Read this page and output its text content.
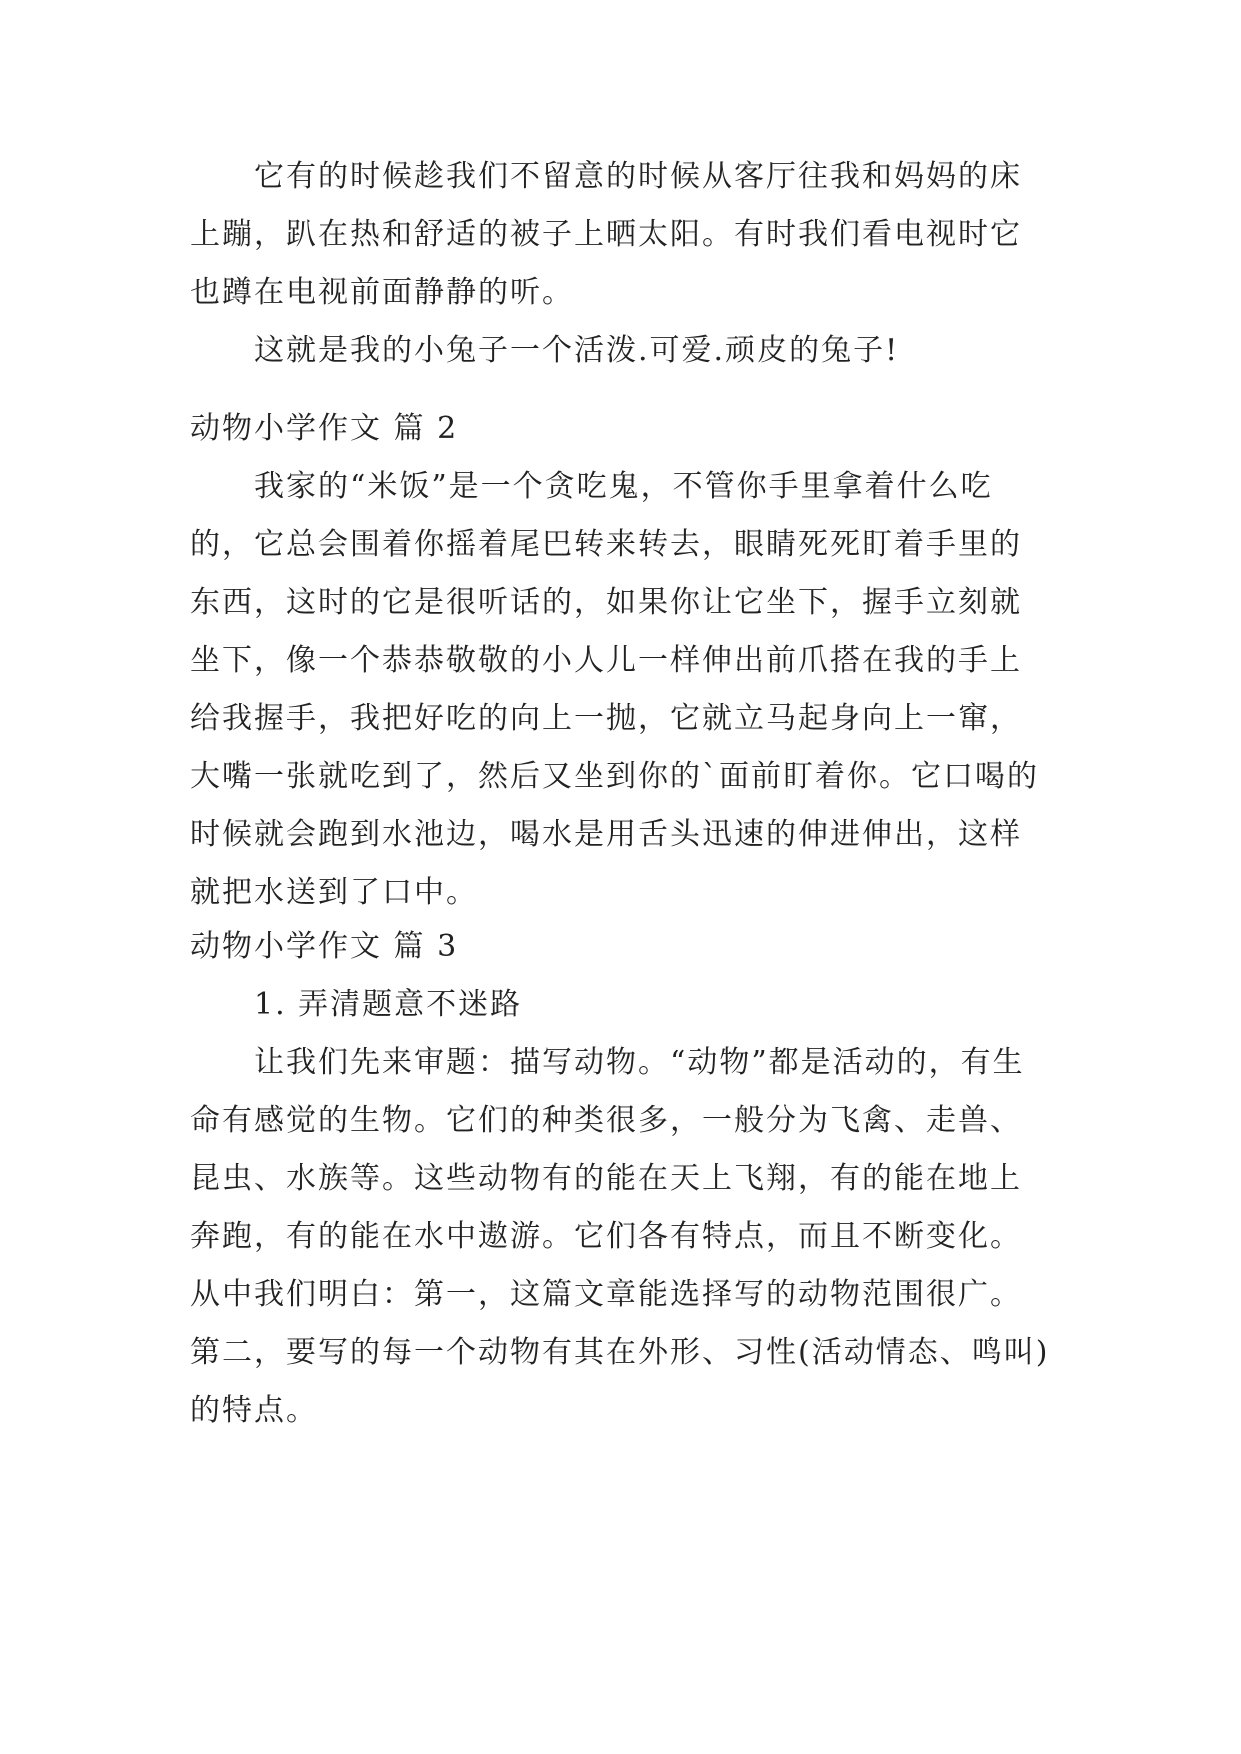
它有的时候趁我们不留意的时候从客厅往我和妈妈的床上蹦，趴在热和舒适的被子上晒太阳。有时我们看电视时它也蹲在电视前面静静的听。

这就是我的小兔子一个活泼.可爱.顽皮的兔子!

动物小学作文 篇 2

我家的“米饭”是一个贪吃鬼，不管你手里拿着什么吃的，它总会围着你摇着尾巴转来转去，眼睛死死盯着手里的东西，这时的它是很听话的，如果你让它坐下，握手立刻就坐下，像一个恭恭敬敬的小人儿一样伸出前爪搭在我的手上给我握手，我把好吃的向上一抛，它就立马起身向上一窜，大嘴一张就吃到了，然后又坐到你的`面前盯着你。它口喝的时候就会跑到水池边，喝水是用舌头迅速的伸进伸出，这样就把水送到了口中。

动物小学作文 篇 3

1. 弄清题意不迷路

让我们先来审题：描写动物。“动物”都是活动的，有生命有感觉的生物。它们的种类很多，一般分为飞禽、走兽、昆虫、水族等。这些动物有的能在天上飞翔，有的能在地上奔跑，有的能在水中遨游。它们各有特点，而且不断变化。从中我们明白：第一，这篇文章能选择写的动物范围很广。第二，要写的每一个动物有其在外形、习性(活动情态、鸣叫)的特点。
